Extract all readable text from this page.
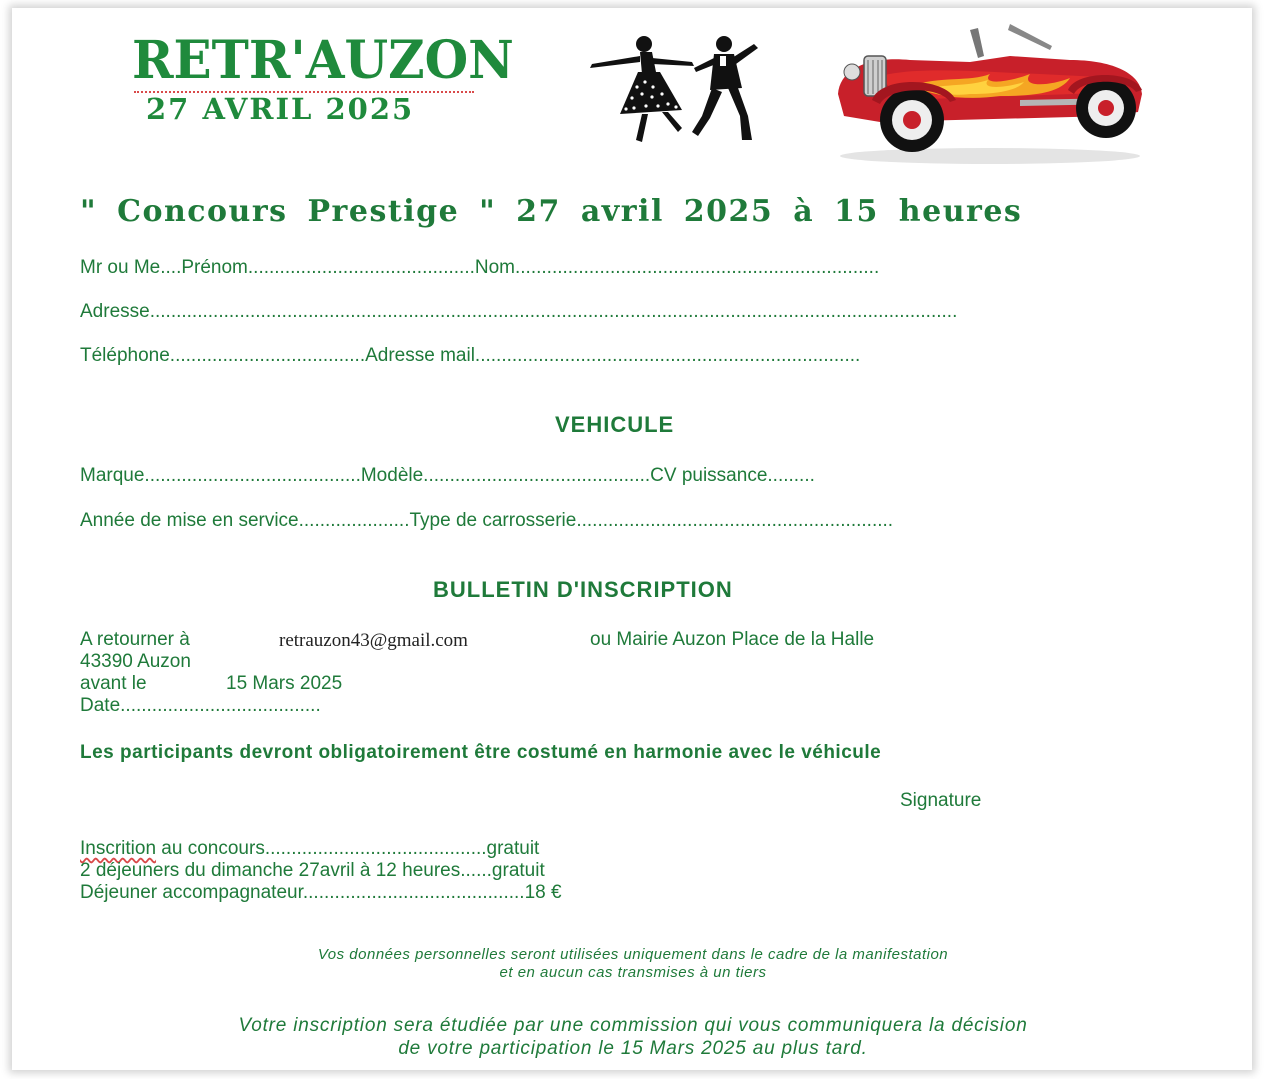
RETR'AUZON
27 AVRIL 2025
" Concours Prestige " 27 avril 2025 à 15 heures
Mr ou Me....Prénom...........................................Nom.....................................................................
Adresse.........................................................................................................................................................
Téléphone.....................................Adresse mail.........................................................................
VEHICULE
Marque.........................................Modèle...........................................CV puissance.........
Année de mise en service.....................Type de carrosserie............................................................
BULLETIN D'INSCRIPTION
A retourner à	retrauzon43@gmail.com	ou Mairie Auzon Place de la Halle
43390 Auzon
avant le	15 Mars 2025
Date......................................
Les participants devront obligatoirement être costumé en harmonie avec le véhicule
Signature
Inscrition au concours..........................................gratuit
2 déjeuners du dimanche 27avril à 12 heures......gratuit
Déjeuner accompagnateur..........................................18 €
Vos données personnelles seront utilisées uniquement dans le cadre de la manifestation
et en aucun cas transmises à un tiers
Votre inscription sera étudiée par une commission qui vous communiquera la décision
de votre participation le 15 Mars 2025 au plus tard.
